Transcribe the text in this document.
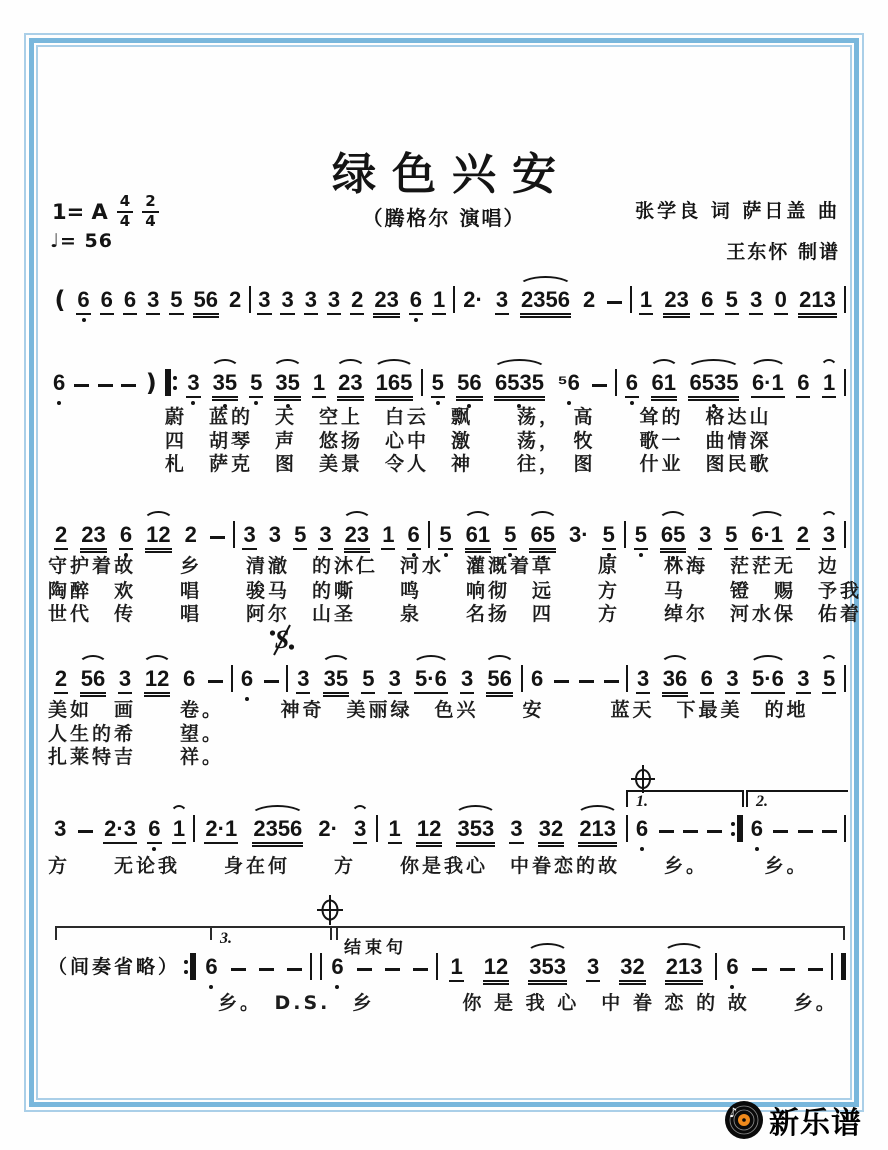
绿色兴安
（腾格尔 演唱）	张学良 词 萨日盖 曲
王东怀 制谱
1= A $\frac{4}{4} \frac{2}{4}$
♩= 56
( 6 6 6 3 5 56 2 3 3 3 3 2 23 6 1 2· 3 2356 2 1 23 6 5 3 0 213
6	) 3 35 5 35 1 23 165 5 56 6535 ⁵6 6 61 6535 6·1 6 1
2 23 6 12 2 3 3 5 3 23 1 6 5 61 5 65 3· 5 5 65 3 5 6·1 2 3
2 56 3 12 6 6 3 35 5 3 5·6 3 56 6	3 36 6 3 5·6 3 5
3 2·3 6 1 2·1 2356 2· 3 1 12 353 3 32 213 6	6
（间奏省略） 6	6	1 12 353 3 32 213 6
S
1.	2.
3.	结束句
♪ 新乐谱
蔚　蓝的　天　空上　白云　飘　　荡，　高　　耸的　格达山
四　胡琴　声　悠扬　心中　激　　荡，　牧　　歌一　曲情深
札　萨克　图　美景　令人　神　　往，　图　　什业　图民歌
守护着故　　乡　　清澈　的沐仁　河水　灌溉着草　　原　　林海　茫茫无　边
陶醉　欢　　唱　　骏马　的嘶　　鸣　　响彻　远　　方　　马　　镫　赐　予我
世代　传　　唱　　阿尔　山圣　　泉　　名扬　四　　方　　绰尔　河水保　佑着
美如　画　　卷。　　　神奇　美丽绿　色兴　　安　　　蓝天　下最美　的地
人生的希　　望。
扎莱特吉　　祥。
方　　无论我　　身在何　　方　　你是我心　中眷恋的故　　乡。　　　乡。
乡。　D.S.　乡　　　　你 是 我 心　中 眷 恋 的 故　　乡。
